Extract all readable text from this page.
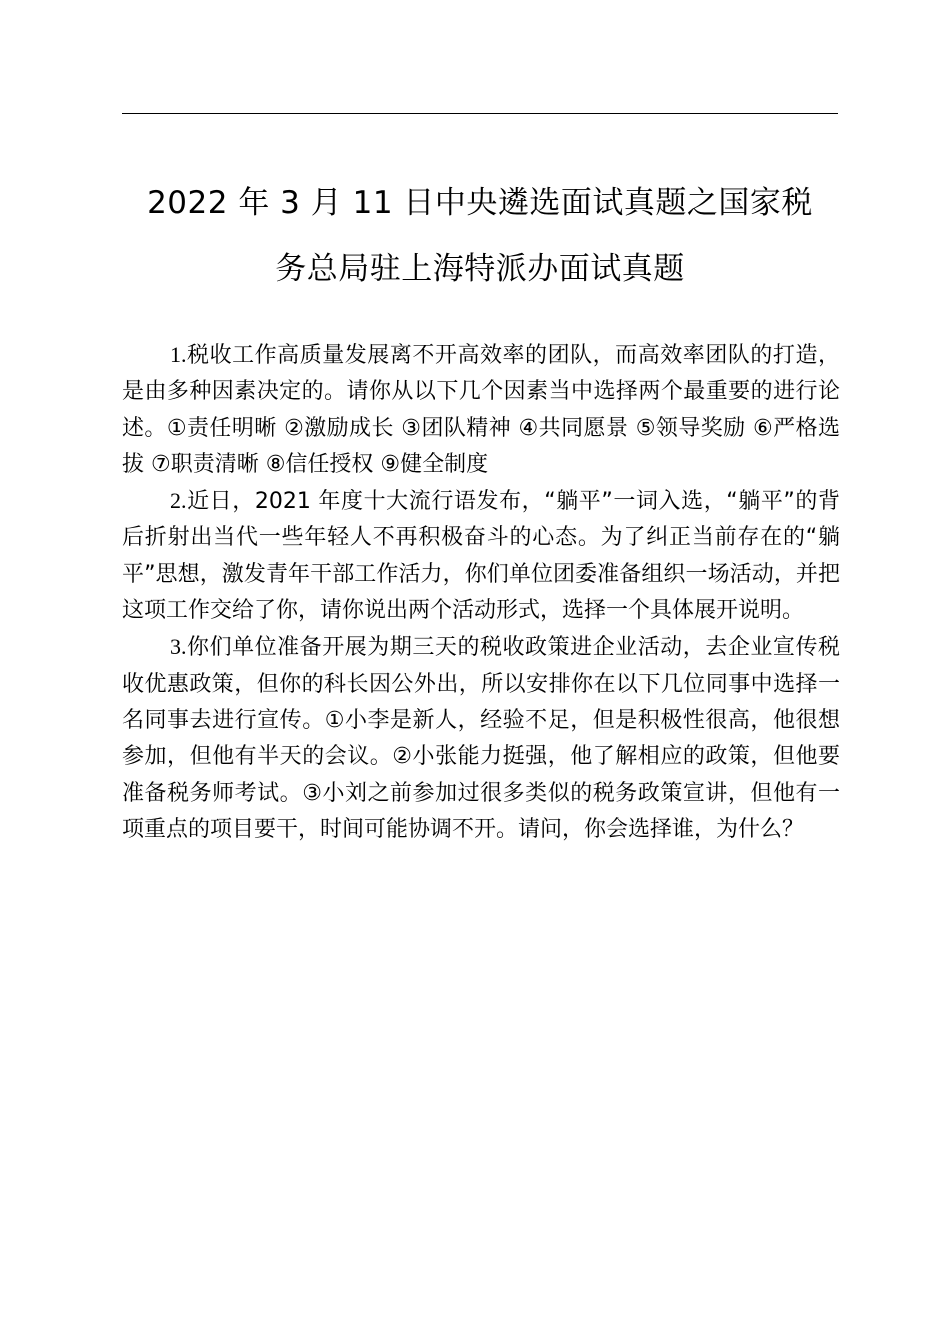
2022 年 3 月 11 日中央遴选面试真题之国家税
务总局驻上海特派办面试真题

1.税收工作高质量发展离不开高效率的团队，而高效率团队的打造，是由多种因素决定的。请你从以下几个因素当中选择两个最重要的进行论述。①责任明晰 ②激励成长 ③团队精神 ④共同愿景 ⑤领导奖励 ⑥严格选拔 ⑦职责清晰 ⑧信任授权 ⑨健全制度

2.近日，2021 年度十大流行语发布，“躺平”一词入选，“躺平”的背后折射出当代一些年轻人不再积极奋斗的心态。为了纠正当前存在的“躺平”思想，激发青年干部工作活力，你们单位团委准备组织一场活动，并把这项工作交给了你，请你说出两个活动形式，选择一个具体展开说明。

3.你们单位准备开展为期三天的税收政策进企业活动，去企业宣传税收优惠政策，但你的科长因公外出，所以安排你在以下几位同事中选择一名同事去进行宣传。①小李是新人，经验不足，但是积极性很高，他很想参加，但他有半天的会议。②小张能力挺强，他了解相应的政策，但他要准备税务师考试。③小刘之前参加过很多类似的税务政策宣讲，但他有一项重点的项目要干，时间可能协调不开。请问，你会选择谁，为什么？
